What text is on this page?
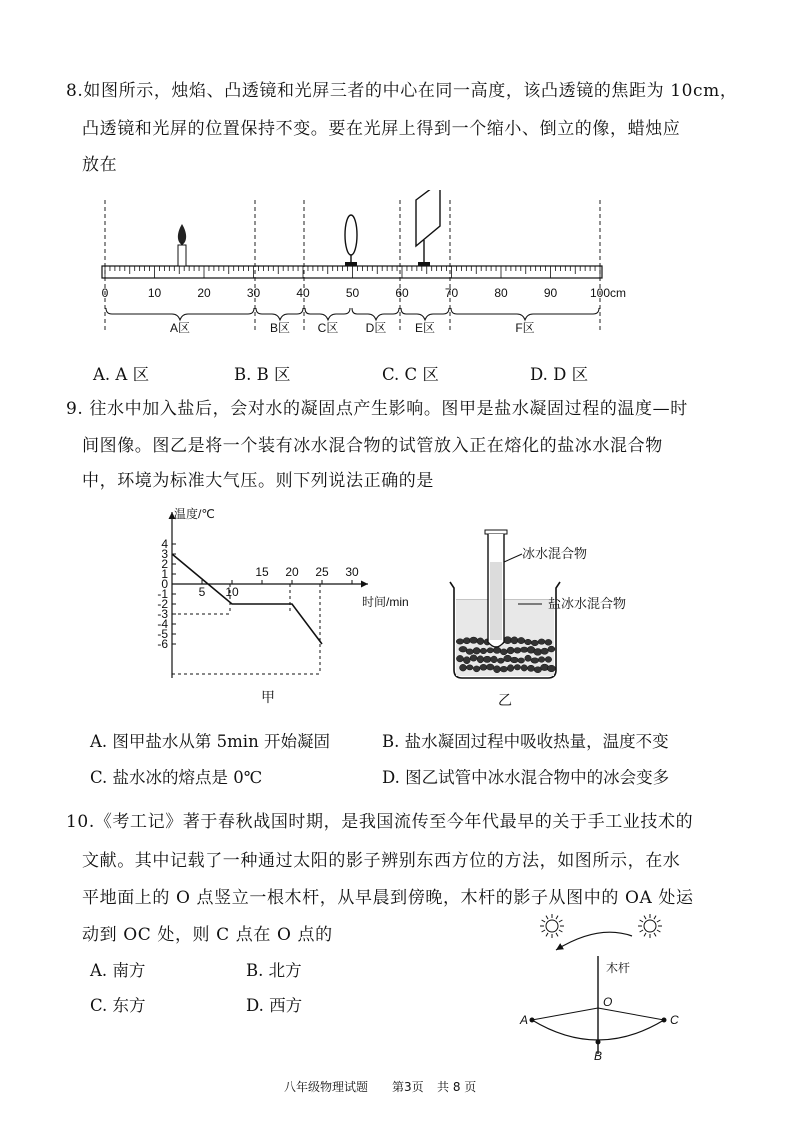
8.如图所示，烛焰、凸透镜和光屏三者的中心在同一高度，该凸透镜的焦距为 10cm，
凸透镜和光屏的位置保持不变。要在光屏上得到一个缩小、倒立的像，蜡烛应
放在
0	10	20	30	40	50	60	70	80	90	100 cm
A区	B区 C区 D区 E区	F区
A. A 区	B. B 区	C. C 区	D. D 区
9. 往水中加入盐后，会对水的凝固点产生影响。图甲是盐水凝固过程的温度—时
间图像。图乙是将一个装有冰水混合物的试管放入正在熔化的盐冰水混合物
中，环境为标准大气压。则下列说法正确的是
4
3
2
1
0
-1
-2
-3
-4
-5
-6
5 10
15 20 25 30
温度/℃
时间/min
甲
冰水混合物
盐冰水混合物
乙
A. 图甲盐水从第 5min 开始凝固	B. 盐水凝固过程中吸收热量，温度不变
C. 盐水冰的熔点是 0℃	D. 图乙试管中冰水混合物中的冰会变多
10.《考工记》著于春秋战国时期，是我国流传至今年代最早的关于手工业技术的
文献。其中记载了一种通过太阳的影子辨别东西方位的方法，如图所示，在水
平地面上的 O 点竖立一根木杆，从早晨到傍晚，木杆的影子从图中的 OA 处运
动到 OC 处，则 C 点在 O 点的
A. 南方	B. 北方
C. 东方	D. 西方
木杆
O
A
B
C
八年级物理试题 第3页 共 8 页
